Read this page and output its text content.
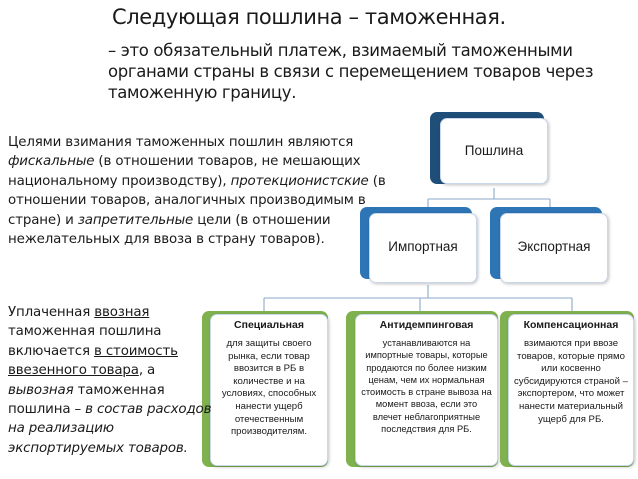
Следующая пошлина – таможенная.
– это обязательный платеж, взимаемый таможенными органами страны в связи с перемещением товаров через таможенную границу.
Пошлина
Импортная	Экспортная
Специальная
для защиты своего рынка, если товар ввозится в РБ в количестве и на условиях, способных нанести ущерб отечественным производителям.
Антидемпинговая
устанавливаются на импортные товары, которые продаются по более низким ценам, чем их нормальная стоимость в стране вывоза на момент ввоза, если это влечет неблагоприятные последствия для РБ.
Компенсационная
взимаются при ввозе товаров, которые прямо или косвенно субсидируются страной – экспортером, что может нанести материальный ущерб для РБ.
Целями взимания таможенных пошлин являются фискальные (в отношении товаров, не мешающих национальному производству), протекционистские (в отношении товаров, аналогичных производимым в стране) и запретительные цели (в отношении нежелательных для ввоза в страну товаров).
Уплаченная ввозная таможенная пошлина включается в стоимость ввезенного товара, а вывозная таможенная пошлина – в состав расходов на реализацию экспортируемых товаров.
